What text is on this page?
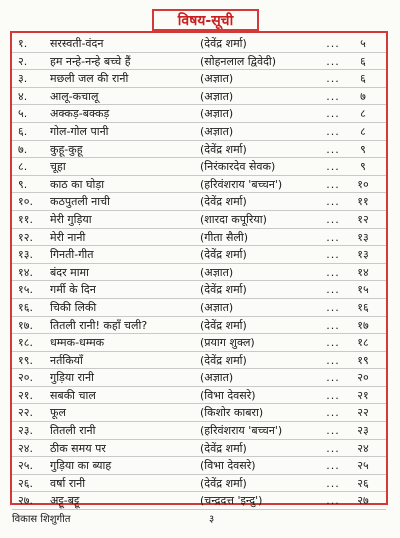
विषय-सूची
१.	सरस्वती-वंदन	(देवेंद्र शर्मा)	...	५
२.	हम नन्हे-नन्हे बच्चे हैं	(सोहनलाल द्विवेदी)	...	६
३.	मछली जल की रानी	(अज्ञात)	...	६
४.	आलू-कचालू	(अज्ञात)	...	७
५.	अक्कड़-बक्कड़	(अज्ञात)	...	८
६.	गोल-गोल पानी	(अज्ञात)	...	८
७.	कुहू-कुहू	(देवेंद्र शर्मा)	...	९
८.	चूहा	(निरंकारदेव सेवक)	...	९
९.	काठ का घोड़ा	(हरिवंशराय 'बच्चन')	...	१०
१०.	कठपुतली नाची	(देवेंद्र शर्मा)	...	११
११.	मेरी गुड़िया	(शारदा कपूरिया)	...	१२
१२.	मेरी नानी	(गीता सैली)	...	१३
१३.	गिनती-गीत	(देवेंद्र शर्मा)	...	१३
१४.	बंदर मामा	(अज्ञात)	...	१४
१५.	गर्मी के दिन	(देवेंद्र शर्मा)	...	१५
१६.	चिकी लिकी	(अज्ञात)	...	१६
१७.	तितली रानी! कहाँ चली?	(देवेंद्र शर्मा)	...	१७
१८.	धम्मक-धम्मक	(प्रयाग शुक्ल)	...	१८
१९.	नर्तकियाँ	(देवेंद्र शर्मा)	...	१९
२०.	गुड़िया रानी	(अज्ञात)	...	२०
२१.	सबकी चाल	(विभा देवसरे)	...	२१
२२.	फूल	(किशोर काबरा)	...	२२
२३.	तितली रानी	(हरिवंशराय 'बच्चन')	...	२३
२४.	ठीक समय पर	(देवेंद्र शर्मा)	...	२४
२५.	गुड़िया का ब्याह	(विभा देवसरे)	...	२५
२६.	वर्षा रानी	(देवेंद्र शर्मा)	...	२६
२७.	अट्टू-बट्टू	(चन्द्रदत्त 'इन्दु')	...	२७
विकास शिशुगीत	३
